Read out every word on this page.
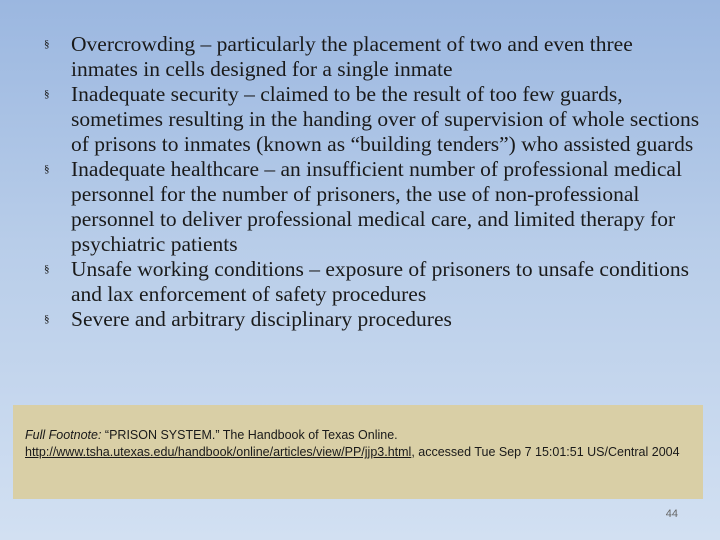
§ Overcrowding – particularly the placement of two and even three inmates in cells designed for a single inmate
§ Inadequate security – claimed to be the result of too few guards, sometimes resulting in the handing over of supervision of whole sections of prisons to inmates (known as “building tenders”) who assisted guards
§ Inadequate healthcare – an insufficient number of professional medical personnel for the number of prisoners, the use of non-professional personnel to deliver professional medical care, and limited therapy for psychiatric patients
§ Unsafe working conditions – exposure of prisoners to unsafe conditions and lax enforcement of safety procedures
§ Severe and arbitrary disciplinary procedures
Full Footnote: “PRISON SYSTEM.” The Handbook of Texas Online.
http://www.tsha.utexas.edu/handbook/online/articles/view/PP/jjp3.html, accessed Tue Sep 7 15:01:51 US/Central 2004
44
